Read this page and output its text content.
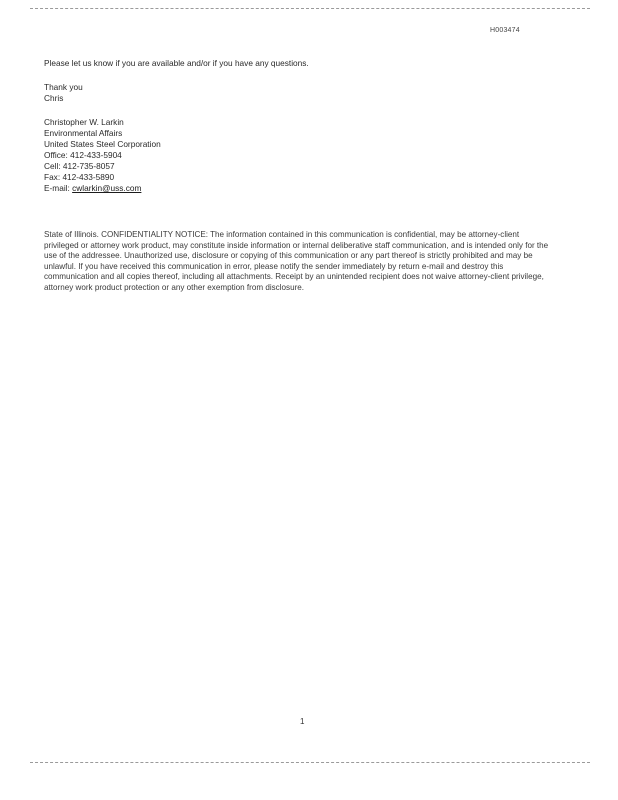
H003474

Please let us know if you are available and/or if you have any questions.

Thank you

Chris

Christopher W. Larkin
Environmental Affairs
United States Steel Corporation
Office: 412-433-5904
Cell: 412-735-8057
Fax: 412-433-5890
E-mail: cwlarkin@uss.com

State of Illinois. CONFIDENTIALITY NOTICE: The information contained in this communication is confidential, may be attorney-client privileged or attorney work product, may constitute inside information or internal deliberative staff communication, and is intended only for the use of the addressee. Unauthorized use, disclosure or copying of this communication or any part thereof is strictly prohibited and may be unlawful. If you have received this communication in error, please notify the sender immediately by return e-mail and destroy this communication and all copies thereof, including all attachments. Receipt by an unintended recipient does not waive attorney-client privilege, attorney work product protection or any other exemption from disclosure.

1
